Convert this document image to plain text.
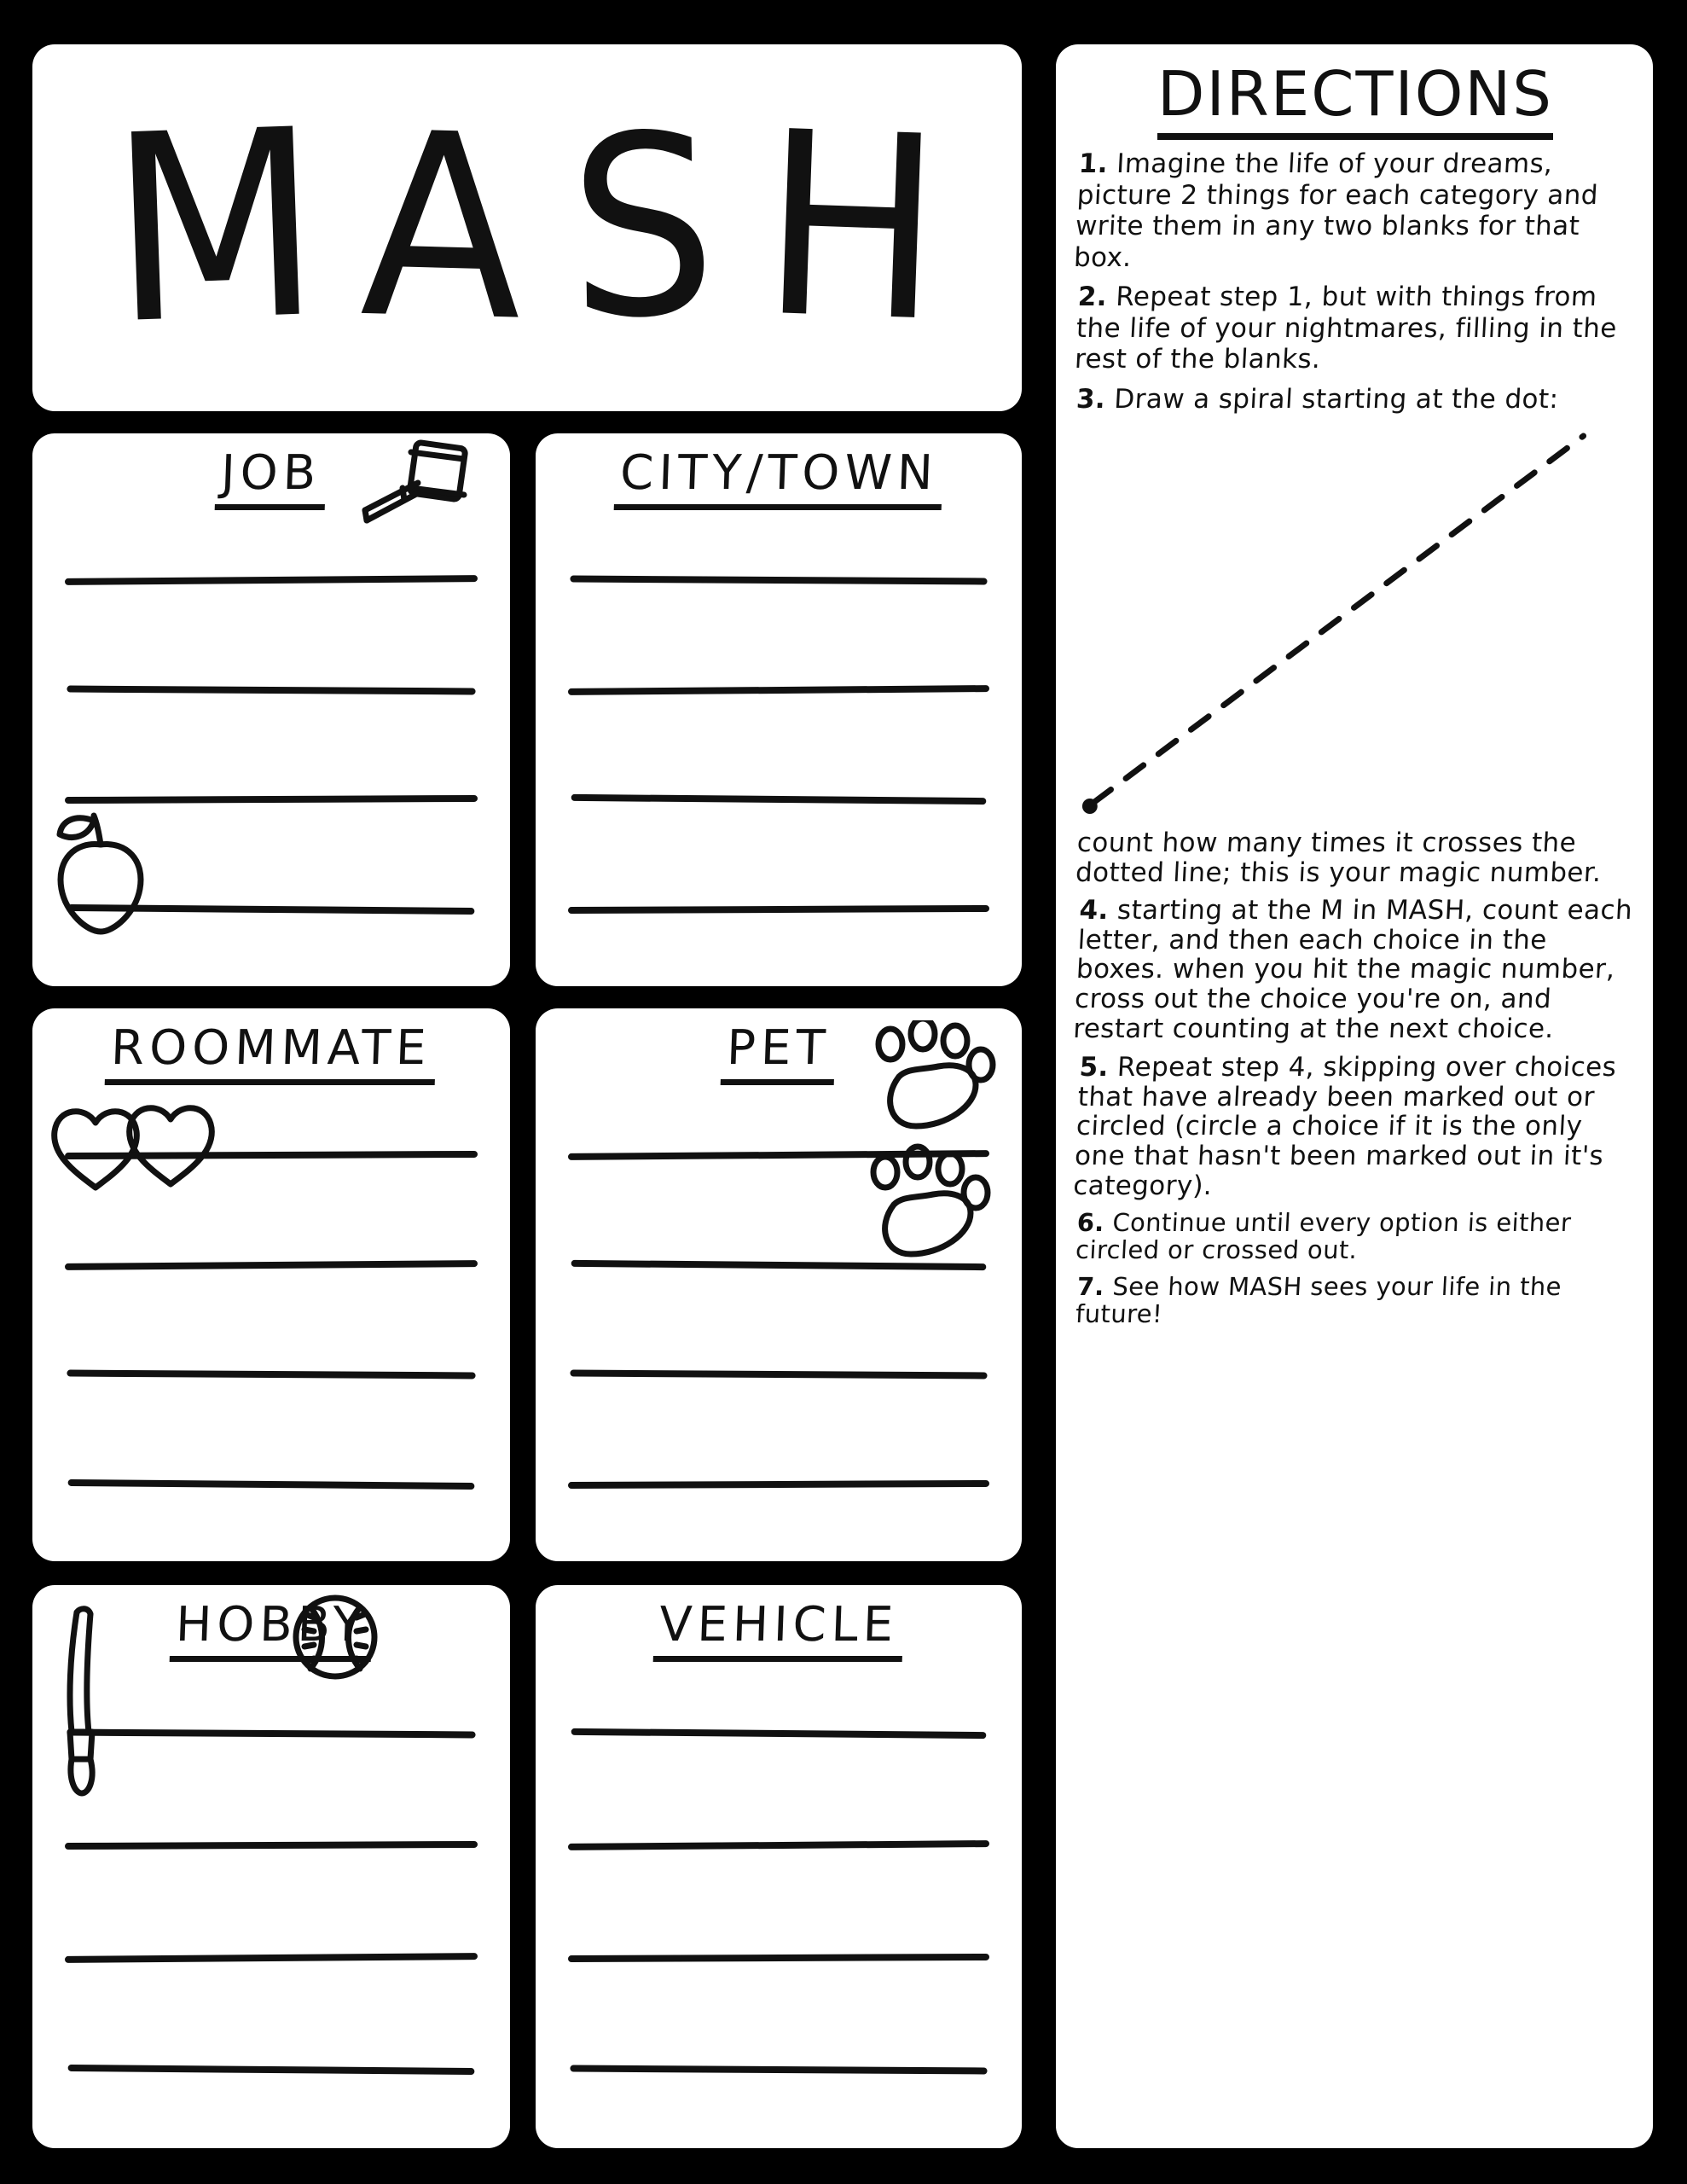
M A S H
JOB	CITY/TOWN
ROOMMATE	PET
HOBBY	VEHICLE
DIRECTIONS

1. Imagine the life of your dreams, picture 2 things for each category and write them in any two blanks for that box.

2. Repeat step 1, but with things from the life of your nightmares, filling in the rest of the blanks.

3. Draw a spiral starting at the dot:

count how many times it crosses the dotted line; this is your magic number.

4. starting at the M in MASH, count each letter, and then each choice in the boxes. when you hit the magic number, cross out the choice you're on, and restart counting at the next choice.

5. Repeat step 4, skipping over choices that have already been marked out or circled (circle a choice if it is the only one that hasn't been marked out in it's category).

6. Continue until every option is either circled or crossed out.

7. See how MASH sees your life in the future!
